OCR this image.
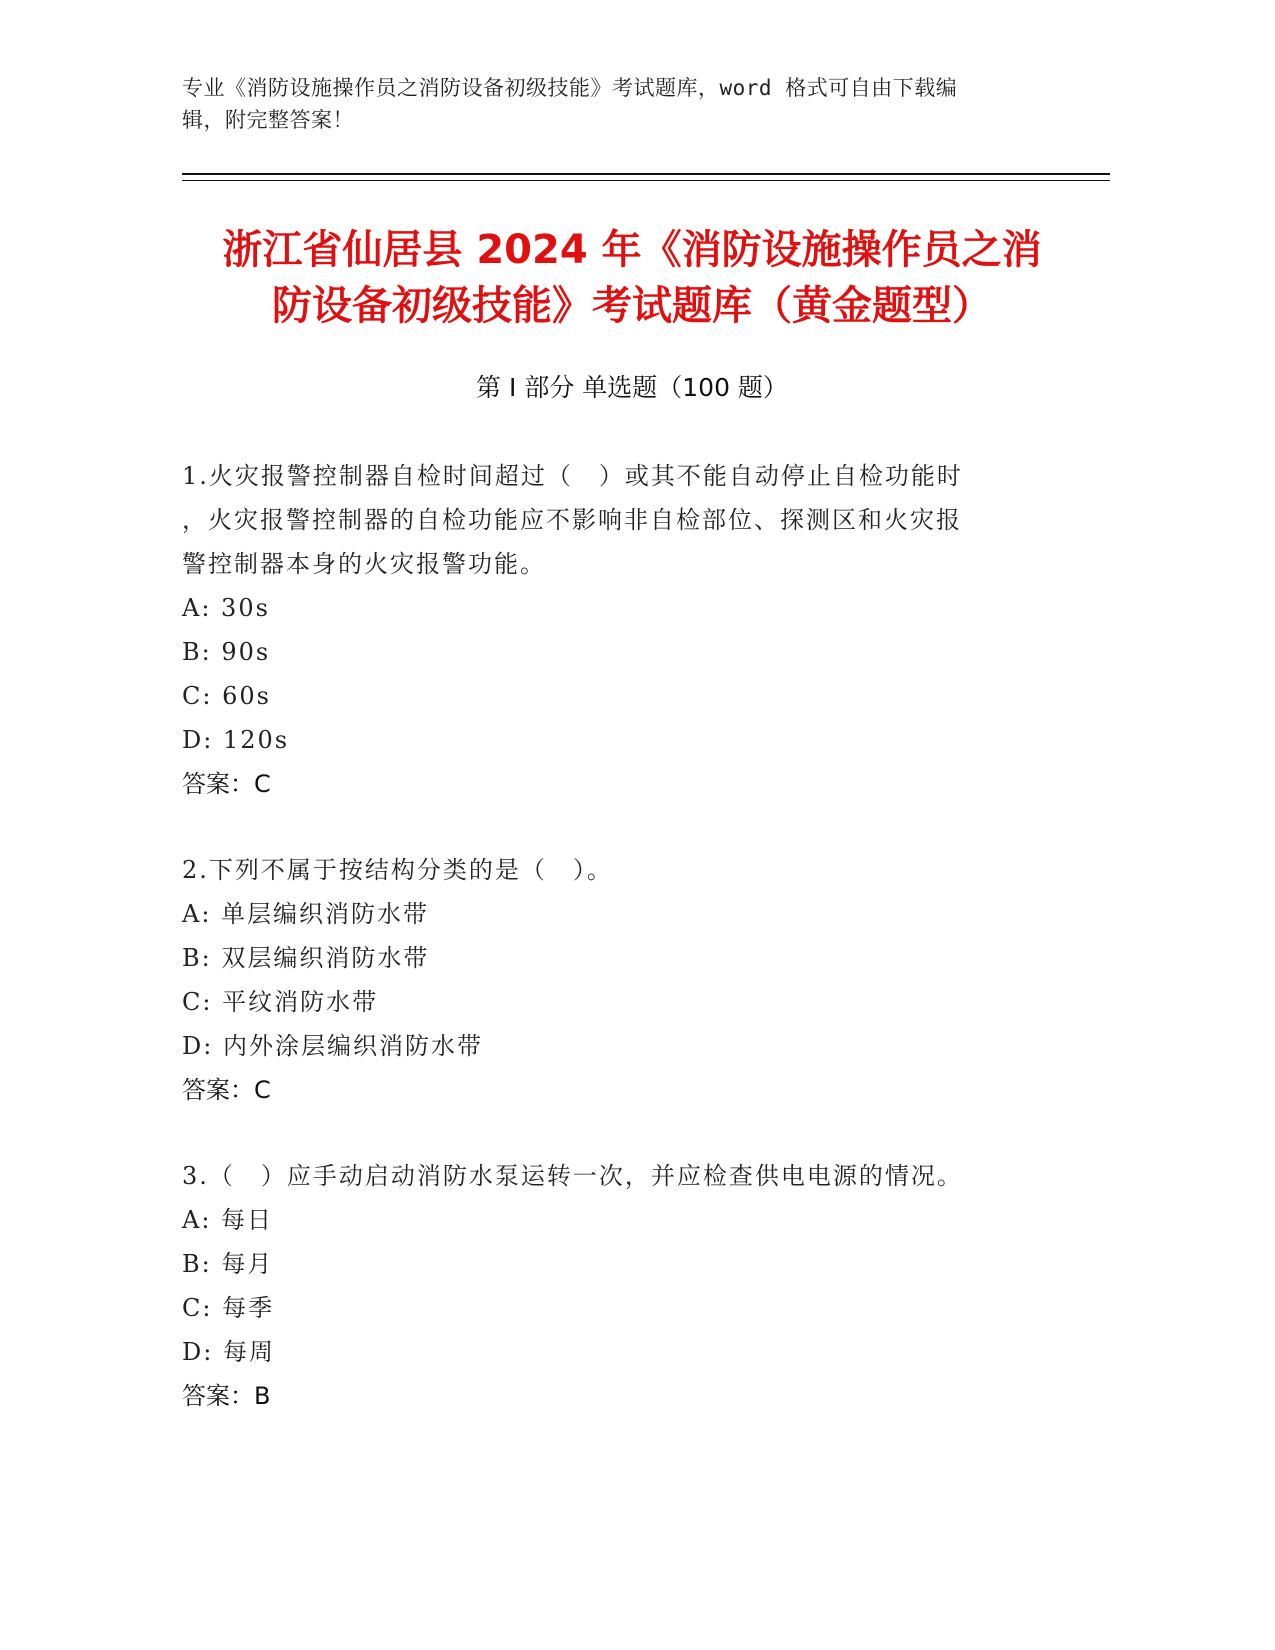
专业《消防设施操作员之消防设备初级技能》考试题库，word 格式可自由下载编
辑，附完整答案！
浙江省仙居县 2024 年《消防设施操作员之消
防设备初级技能》考试题库（黄金题型）
第 I 部分 单选题（100 题）
1.火灾报警控制器自检时间超过（　）或其不能自动停止自检功能时
，火灾报警控制器的自检功能应不影响非自检部位、探测区和火灾报
警控制器本身的火灾报警功能。
A: 30s
B: 90s
C: 60s
D: 120s
答案：C
2.下列不属于按结构分类的是（　）。
A: 单层编织消防水带
B: 双层编织消防水带
C: 平纹消防水带
D: 内外涂层编织消防水带
答案：C
3.（　）应手动启动消防水泵运转一次，并应检查供电电源的情况。
A: 每日
B: 每月
C: 每季
D: 每周
答案：B
